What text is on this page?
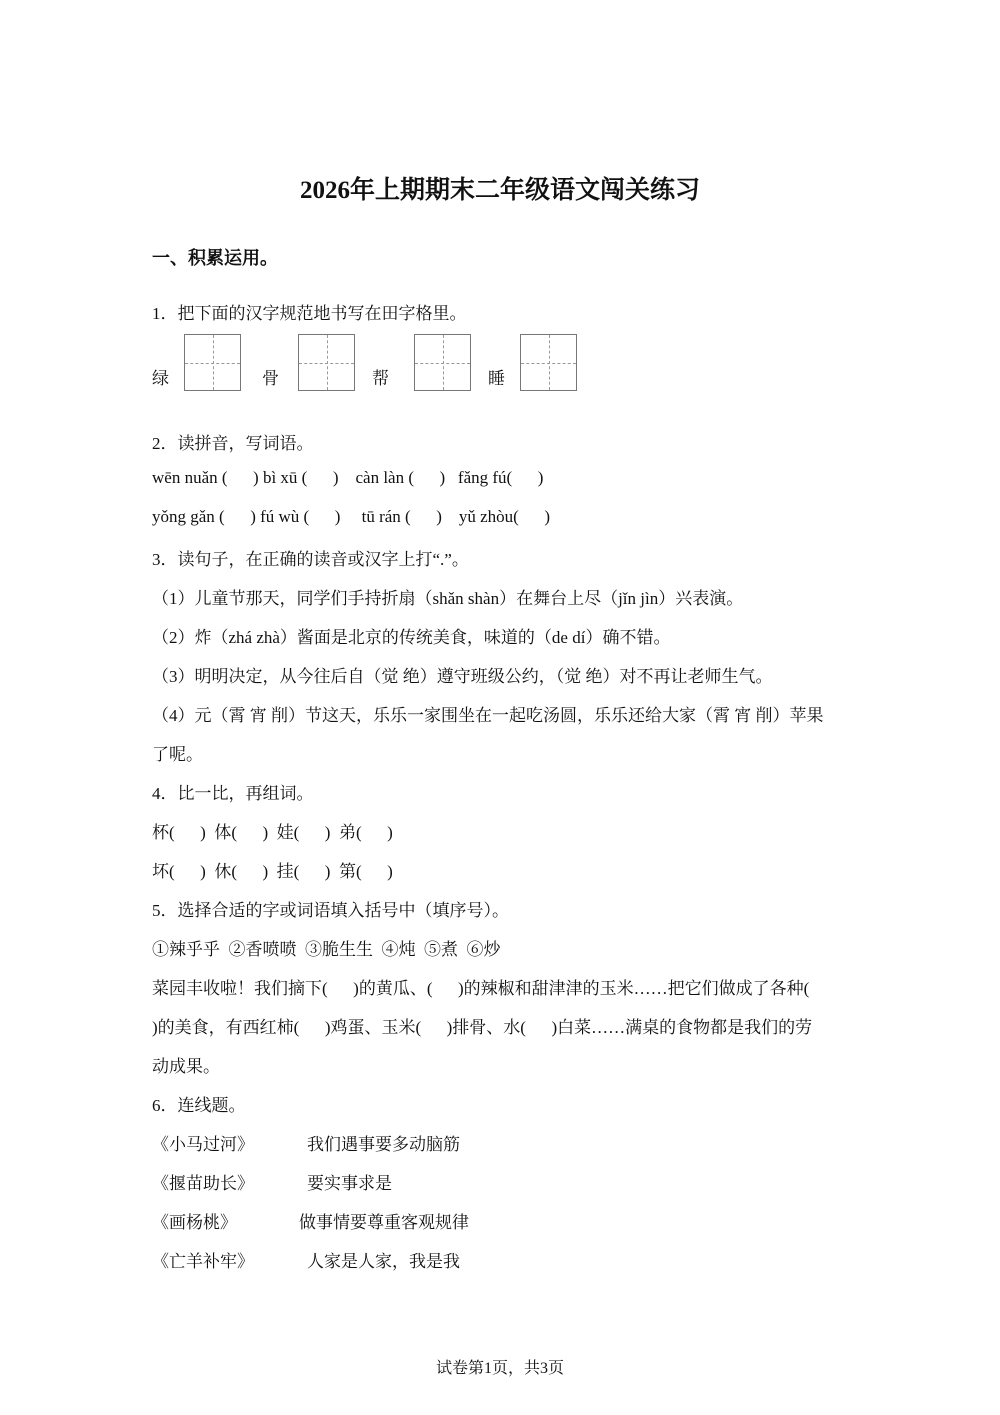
2026年上期期末二年级语文闯关练习
一、积累运用。
1．把下面的汉字规范地书写在田字格里。
绿	骨	帮	睡
2．读拼音，写词语。
wēn nuǎn (      ) bì xū (      )    càn làn (      )   fǎng fú(      )
yǒng gǎn (      ) fú wù (      )     tū rán (      )    yǔ zhòu(      )
3．读句子，在正确的读音或汉字上打“.”。
（1）儿童节那天，同学们手持折扇（shǎn shàn）在舞台上尽（jǐn jìn）兴表演。
（2）炸（zhá zhà）酱面是北京的传统美食，味道的（de dí）确不错。
（3）明明决定，从今往后自（觉 绝）遵守班级公约，（觉 绝）对不再让老师生气。
（4）元（霄 宵 削）节这天，乐乐一家围坐在一起吃汤圆，乐乐还给大家（霄 宵 削）苹果
了呢。
4．比一比，再组词。
杯(      )  体(      )  娃(      )  弟(      )
坏(      )  休(      )  挂(      )  第(      )
5．选择合适的字或词语填入括号中（填序号）。
①辣乎乎  ②香喷喷  ③脆生生  ④炖  ⑤煮  ⑥炒
菜园丰收啦！我们摘下(      )的黄瓜、(      )的辣椒和甜津津的玉米……把它们做成了各种(
)的美食，有西红柿(      )鸡蛋、玉米(      )排骨、水(      )白菜……满桌的食物都是我们的劳
动成果。
6．连线题。
《小马过河》	我们遇事要多动脑筋
《揠苗助长》	要实事求是
《画杨桃》	做事情要尊重客观规律
《亡羊补牢》	人家是人家，我是我
试卷第1页，共3页
